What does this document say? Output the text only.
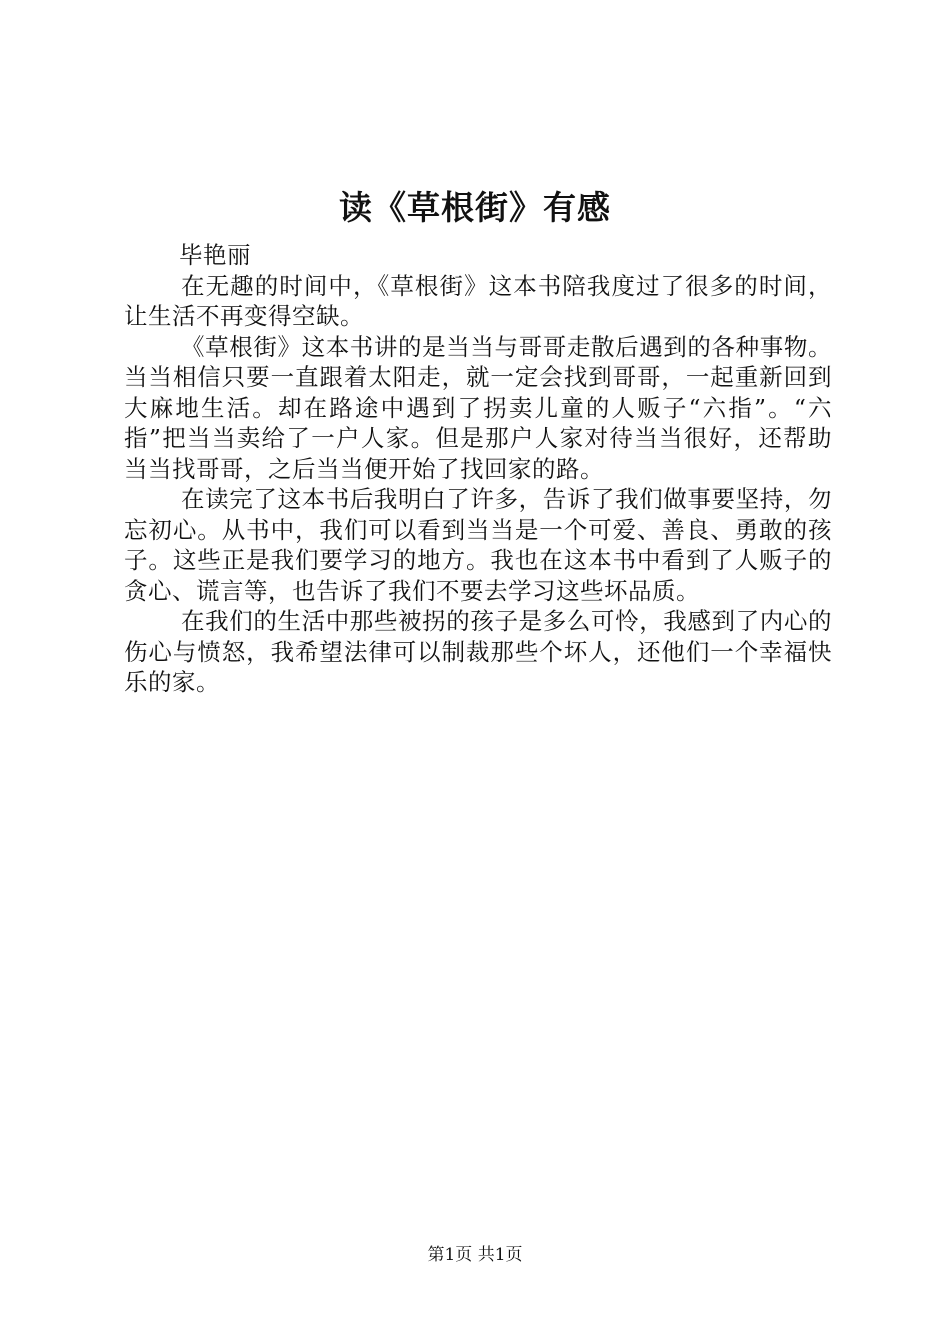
读《草根街》有感

毕艳丽

在无趣的时间中，《草根街》这本书陪我度过了很多的时间，让生活不再变得空缺。

《草根街》这本书讲的是当当与哥哥走散后遇到的各种事物。当当相信只要一直跟着太阳走，就一定会找到哥哥，一起重新回到大麻地生活。却在路途中遇到了拐卖儿童的人贩子“六指”。“六指”把当当卖给了一户人家。但是那户人家对待当当很好，还帮助当当找哥哥，之后当当便开始了找回家的路。

在读完了这本书后我明白了许多，告诉了我们做事要坚持，勿忘初心。从书中，我们可以看到当当是一个可爱、善良、勇敢的孩子。这些正是我们要学习的地方。我也在这本书中看到了人贩子的贪心、谎言等，也告诉了我们不要去学习这些坏品质。

在我们的生活中那些被拐的孩子是多么可怜，我感到了内心的伤心与愤怒，我希望法律可以制裁那些个坏人，还他们一个幸福快乐的家。

第1页 共1页
